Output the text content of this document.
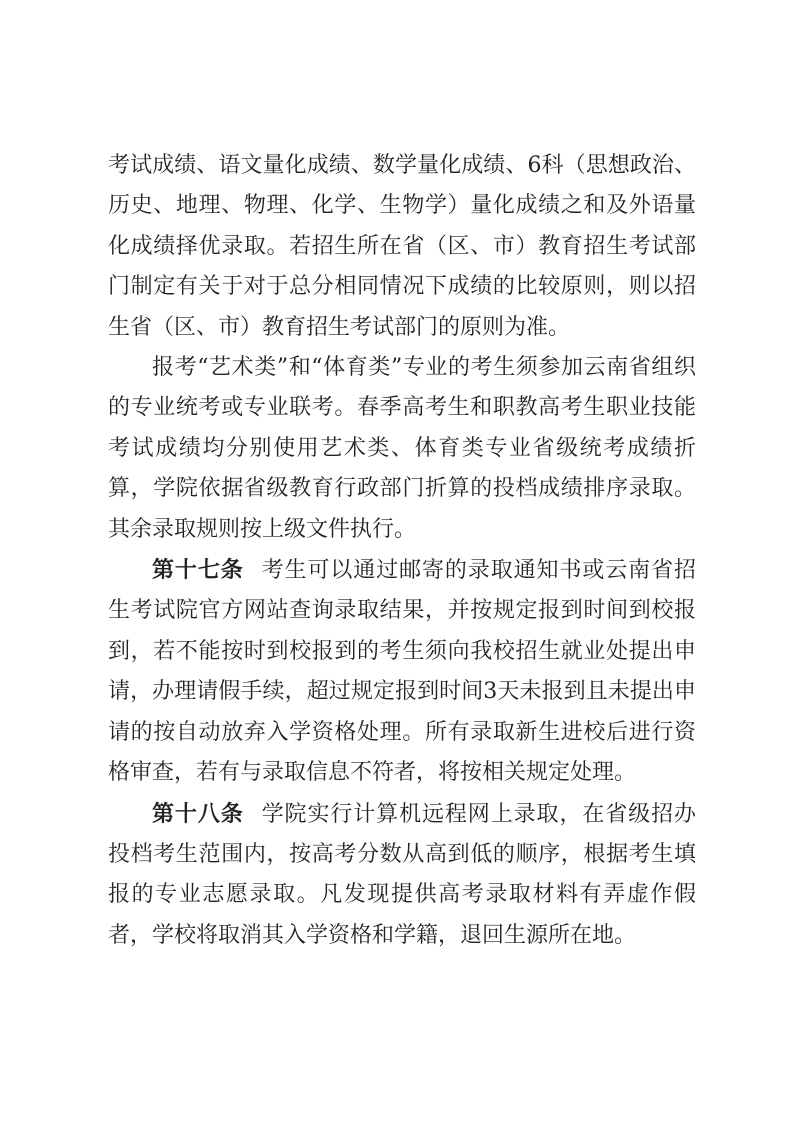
考试成绩、语文量化成绩、数学量化成绩、6科（思想政治、历史、地理、物理、化学、生物学）量化成绩之和及外语量化成绩择优录取。若招生所在省（区、市）教育招生考试部门制定有关于对于总分相同情况下成绩的比较原则，则以招生省（区、市）教育招生考试部门的原则为准。

报考“艺术类”和“体育类”专业的考生须参加云南省组织的专业统考或专业联考。春季高考生和职教高考生职业技能考试成绩均分别使用艺术类、体育类专业省级统考成绩折算，学院依据省级教育行政部门折算的投档成绩排序录取。其余录取规则按上级文件执行。

第十七条 考生可以通过邮寄的录取通知书或云南省招生考试院官方网站查询录取结果，并按规定报到时间到校报到，若不能按时到校报到的考生须向我校招生就业处提出申请，办理请假手续，超过规定报到时间3天未报到且未提出申请的按自动放弃入学资格处理。所有录取新生进校后进行资格审查，若有与录取信息不符者，将按相关规定处理。

第十八条 学院实行计算机远程网上录取，在省级招办投档考生范围内，按高考分数从高到低的顺序，根据考生填报的专业志愿录取。凡发现提供高考录取材料有弄虚作假者，学校将取消其入学资格和学籍，退回生源所在地。
